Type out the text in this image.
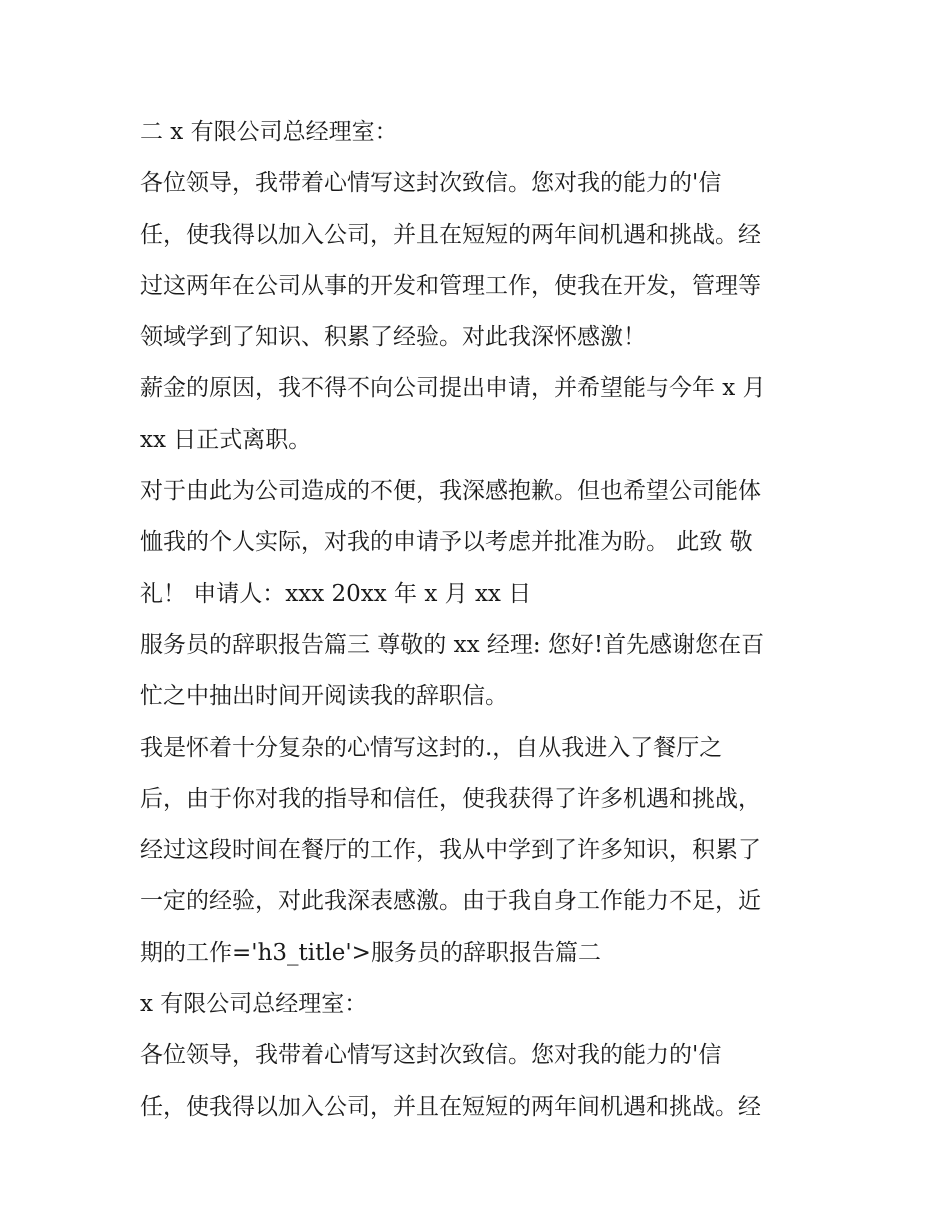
二 x 有限公司总经理室：
各位领导，我带着心情写这封次致信。您对我的能力的'信
任，使我得以加入公司，并且在短短的两年间机遇和挑战。经
过这两年在公司从事的开发和管理工作，使我在开发，管理等
领域学到了知识、积累了经验。对此我深怀感激！
薪金的原因，我不得不向公司提出申请，并希望能与今年 x 月
xx 日正式离职。
对于由此为公司造成的不便，我深感抱歉。但也希望公司能体
恤我的个人实际，对我的申请予以考虑并批准为盼。 此致 敬
礼！ 申请人：xxx 20xx 年 x 月 xx 日
服务员的辞职报告篇三 尊敬的 xx 经理: 您好!首先感谢您在百
忙之中抽出时间开阅读我的辞职信。
我是怀着十分复杂的心情写这封的.，自从我进入了餐厅之
后，由于你对我的指导和信任，使我获得了许多机遇和挑战，
经过这段时间在餐厅的工作，我从中学到了许多知识，积累了
一定的经验，对此我深表感激。由于我自身工作能力不足，近
期的工作='h3_title'>服务员的辞职报告篇二
x 有限公司总经理室：
各位领导，我带着心情写这封次致信。您对我的能力的'信
任，使我得以加入公司，并且在短短的两年间机遇和挑战。经
